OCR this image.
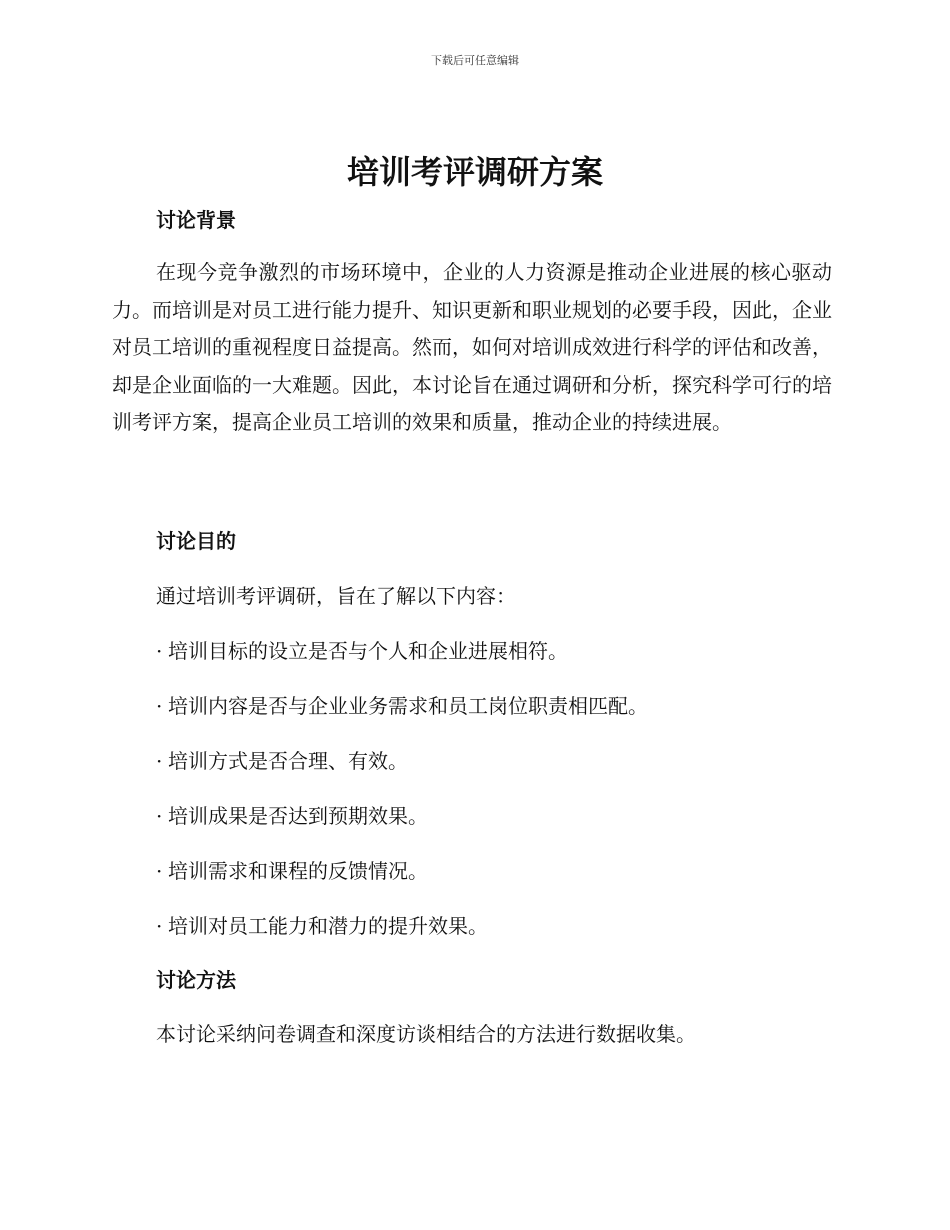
下载后可任意编辑
培训考评调研方案
讨论背景

在现今竞争激烈的市场环境中，企业的人力资源是推动企业进展的核心驱动力。而培训是对员工进行能力提升、知识更新和职业规划的必要手段，因此，企业对员工培训的重视程度日益提高。然而，如何对培训成效进行科学的评估和改善，却是企业面临的一大难题。因此，本讨论旨在通过调研和分析，探究科学可行的培训考评方案，提高企业员工培训的效果和质量，推动企业的持续进展。

讨论目的

通过培训考评调研，旨在了解以下内容：

· 培训目标的设立是否与个人和企业进展相符。
· 培训内容是否与企业业务需求和员工岗位职责相匹配。
· 培训方式是否合理、有效。
· 培训成果是否达到预期效果。
· 培训需求和课程的反馈情况。
· 培训对员工能力和潜力的提升效果。
讨论方法

本讨论采纳问卷调查和深度访谈相结合的方法进行数据收集。
